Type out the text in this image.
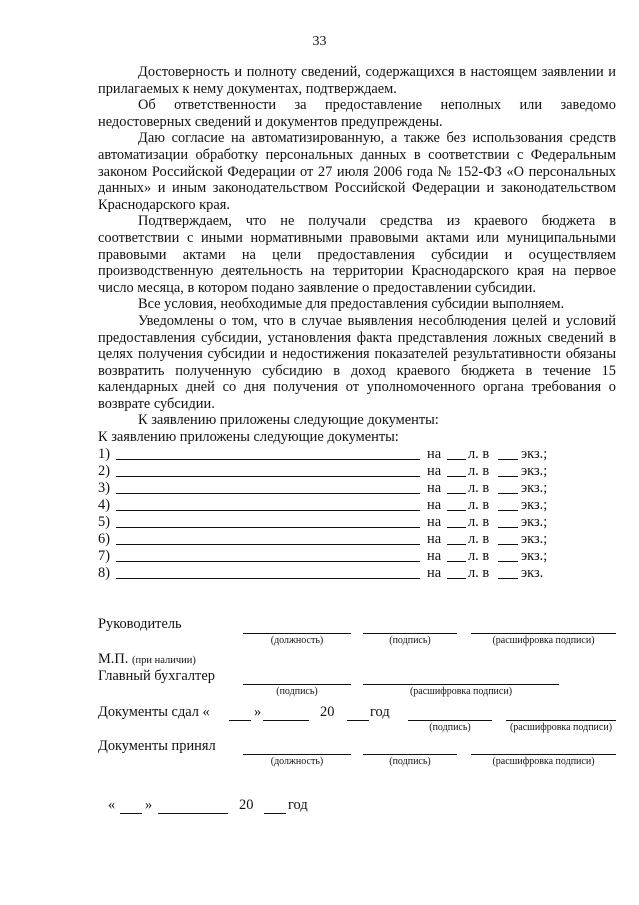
33

Достоверность и полноту сведений, содержащихся в настоящем заявлении и прилагаемых к нему документах, подтверждаем.

Об ответственности за предоставление неполных или заведомо недостоверных сведений и документов предупреждены.

Даю согласие на автоматизированную, а также без использования средств автоматизации обработку персональных данных в соответствии с Федеральным законом Российской Федерации от 27 июля 2006 года № 152-ФЗ «О персональных данных» и иным законодательством Российской Федерации и законодательством Краснодарского края.

Подтверждаем, что не получали средства из краевого бюджета в соответствии с иными нормативными правовыми актами или муниципальными правовыми актами на цели предоставления субсидии и осуществляем производственную деятельность на территории Краснодарского края на первое число месяца, в котором подано заявление о предоставлении субсидии.

Все условия, необходимые для предоставления субсидии выполняем.

Уведомлены о том, что в случае выявления несоблюдения целей и условий предоставления субсидии, установления факта представления ложных сведений в целях получения субсидии и недостижения показателей результативности обязаны возвратить полученную субсидию в доход краевого бюджета в течение 15 календарных дней со дня получения от уполномоченного органа требования о возврате субсидии.

К заявлению приложены следующие документы:

К заявлению приложены следующие документы:

1)	на л. в экз.;
2)	на л. в экз.;
3)	на л. в экз.;
4)	на л. в экз.;
5)	на л. в экз.;
6)	на л. в экз.;
7)	на л. в экз.;
8)	на л. в экз.
Руководитель
(должность)	(подпись)	(расшифровка подписи)
М.П. (при наличии)
Главный бухгалтер
(подпись)	(расшифровка подписи)
Документы сдал «	»	20 год
(подпись)	(расшифровка подписи)
Документы принял
(должность)	(подпись)	(расшифровка подписи)
« »	20 год
